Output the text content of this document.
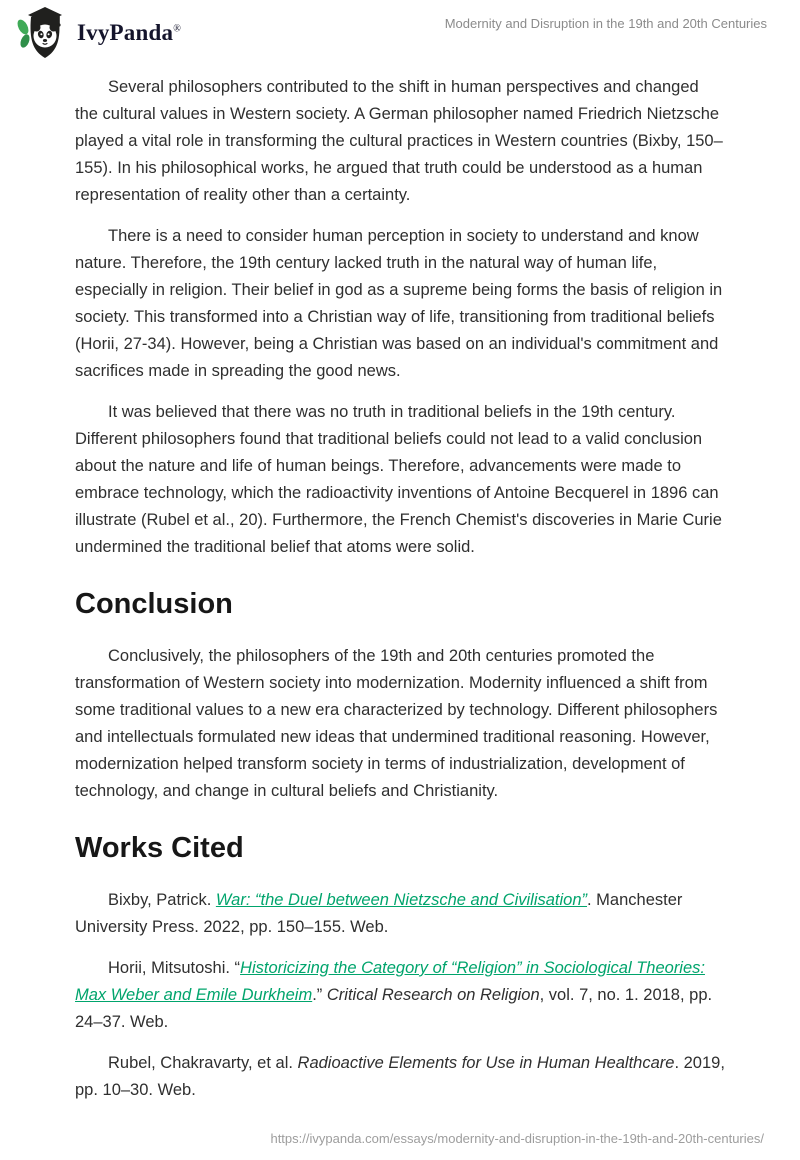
IvyPanda®	Modernity and Disruption in the 19th and 20th Centuries

Several philosophers contributed to the shift in human perspectives and changed the cultural values in Western society. A German philosopher named Friedrich Nietzsche played a vital role in transforming the cultural practices in Western countries (Bixby, 150–155). In his philosophical works, he argued that truth could be understood as a human representation of reality other than a certainty.

There is a need to consider human perception in society to understand and know nature. Therefore, the 19th century lacked truth in the natural way of human life, especially in religion. Their belief in god as a supreme being forms the basis of religion in society. This transformed into a Christian way of life, transitioning from traditional beliefs (Horii, 27-34). However, being a Christian was based on an individual's commitment and sacrifices made in spreading the good news.

It was believed that there was no truth in traditional beliefs in the 19th century. Different philosophers found that traditional beliefs could not lead to a valid conclusion about the nature and life of human beings. Therefore, advancements were made to embrace technology, which the radioactivity inventions of Antoine Becquerel in 1896 can illustrate (Rubel et al., 20). Furthermore, the French Chemist's discoveries in Marie Curie undermined the traditional belief that atoms were solid.

Conclusion

Conclusively, the philosophers of the 19th and 20th centuries promoted the transformation of Western society into modernization. Modernity influenced a shift from some traditional values to a new era characterized by technology. Different philosophers and intellectuals formulated new ideas that undermined traditional reasoning. However, modernization helped transform society in terms of industrialization, development of technology, and change in cultural beliefs and Christianity.

Works Cited

Bixby, Patrick. War: “the Duel between Nietzsche and Civilisation”. Manchester University Press. 2022, pp. 150–155. Web.

Horii, Mitsutoshi. “Historicizing the Category of “Religion” in Sociological Theories: Max Weber and Emile Durkheim.” Critical Research on Religion, vol. 7, no. 1. 2018, pp. 24–37. Web.

Rubel, Chakravarty, et al. Radioactive Elements for Use in Human Healthcare. 2019, pp. 10–30. Web.

https://ivypanda.com/essays/modernity-and-disruption-in-the-19th-and-20th-centuries/
